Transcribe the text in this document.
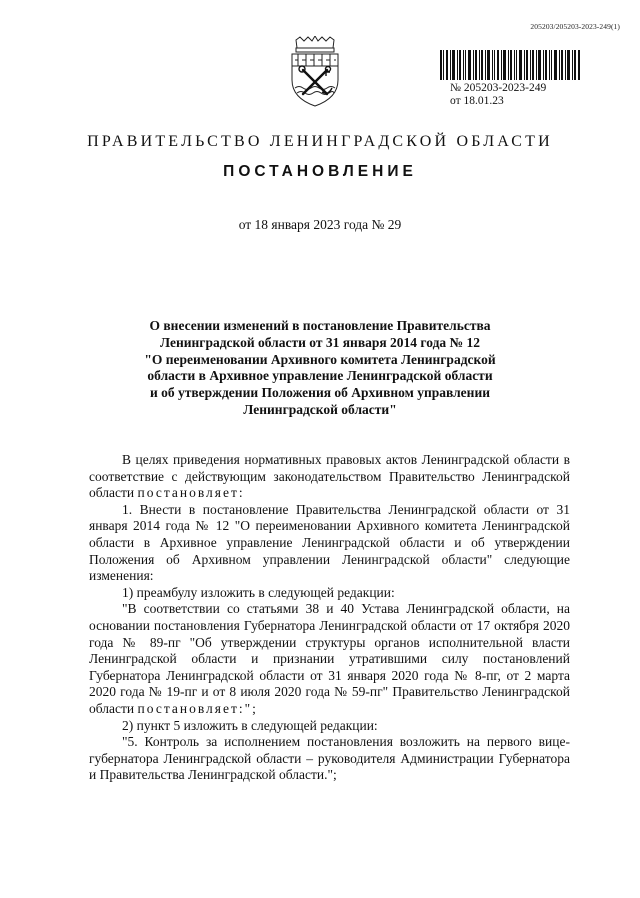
205203/205203-2023-249(1)
№ 205203-2023-249
от 18.01.23
ПРАВИТЕЛЬСТВО ЛЕНИНГРАДСКОЙ ОБЛАСТИ
ПОСТАНОВЛЕНИЕ
от 18 января 2023 года № 29
О внесении изменений в постановление Правительства
Ленинградской области от 31 января 2014 года № 12
"О переименовании Архивного комитета Ленинградской
области в Архивное управление Ленинградской области
и об утверждении Положения об Архивном управлении
Ленинградской области"

В целях приведения нормативных правовых актов Ленинградской области в соответствие с действующим законодательством Правительство Ленинградской области постановляет:

1. Внести в постановление Правительства Ленинградской области от 31 января 2014 года № 12 "О переименовании Архивного комитета Ленинградской области в Архивное управление Ленинградской области и об утверждении Положения об Архивном управлении Ленинградской области" следующие изменения:

1) преамбулу изложить в следующей редакции:

"В соответствии со статьями 38 и 40 Устава Ленинградской области, на основании постановления Губернатора Ленинградской области от 17 октября 2020 года № 89-пг "Об утверждении структуры органов исполнительной власти Ленинградской области и признании утратившими силу постановлений Губернатора Ленинградской области от 31 января 2020 года № 8-пг, от 2 марта 2020 года № 19-пг и от 8 июля 2020 года № 59-пг" Правительство Ленинградской области постановляет:";

2) пункт 5 изложить в следующей редакции:

"5. Контроль за исполнением постановления возложить на первого вице-губернатора Ленинградской области – руководителя Администрации Губернатора и Правительства Ленинградской области.";
